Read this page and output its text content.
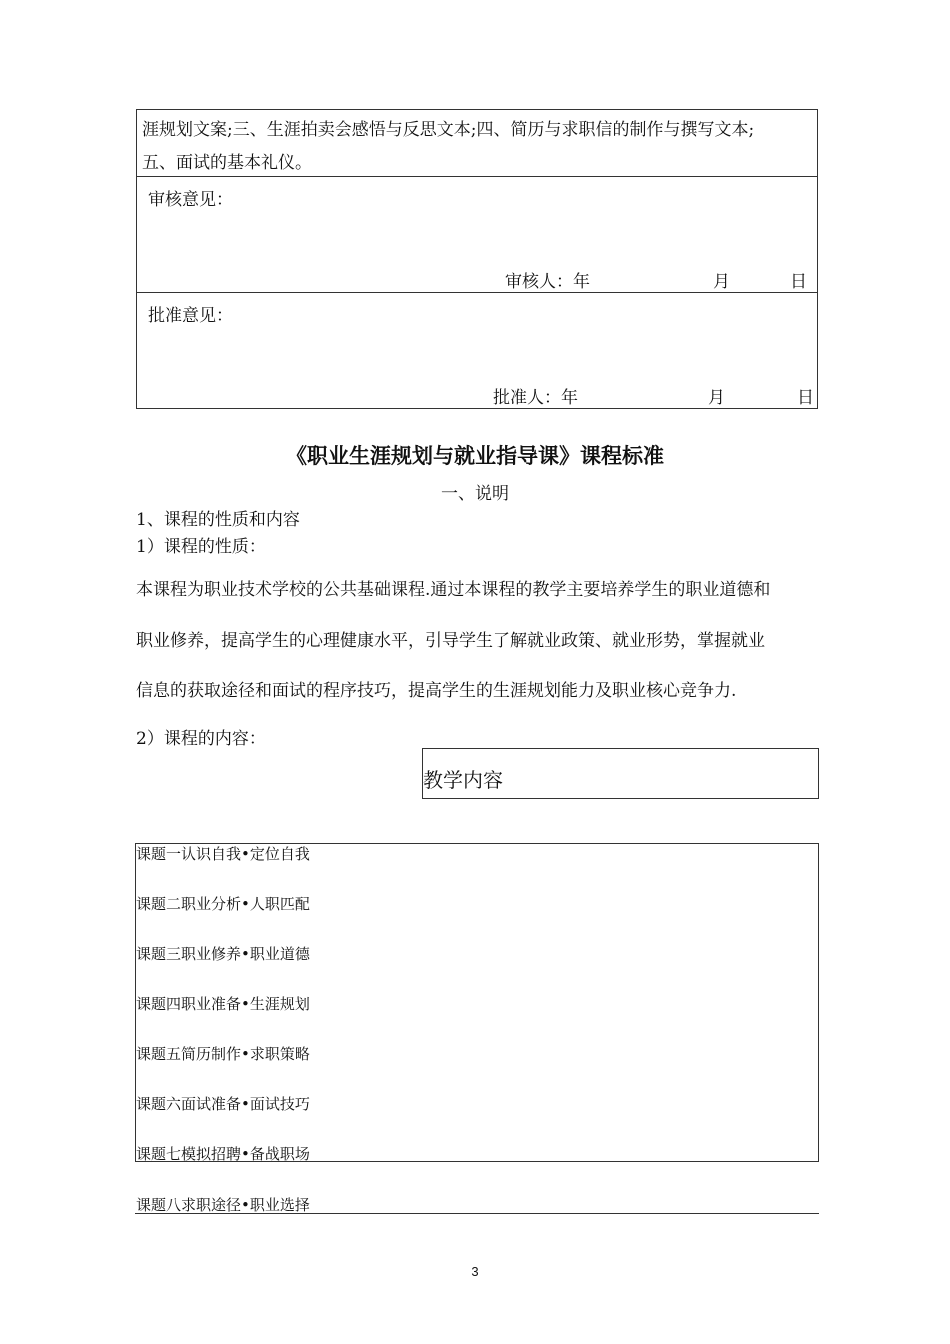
涯规划文案;三、生涯拍卖会感悟与反思文本;四、简历与求职信的制作与撰写文本;
五、面试的基本礼仪。
审核意见：
审核人：年	月	日
批准意见：
批准人：年	月	日
《职业生涯规划与就业指导课》课程标准
一、说明
1、课程的性质和内容
1）课程的性质：
本课程为职业技术学校的公共基础课程.通过本课程的教学主要培养学生的职业道德和
职业修养，提高学生的心理健康水平，引导学生了解就业政策、就业形势，掌握就业
信息的获取途径和面试的程序技巧，提高学生的生涯规划能力及职业核心竞争力.
2）课程的内容：
教学内容
课题一认识自我•定位自我
课题二职业分析•人职匹配
课题三职业修养•职业道德
课题四职业准备•生涯规划
课题五简历制作•求职策略
课题六面试准备•面试技巧
课题七模拟招聘•备战职场
课题八求职途径•职业选择
3
